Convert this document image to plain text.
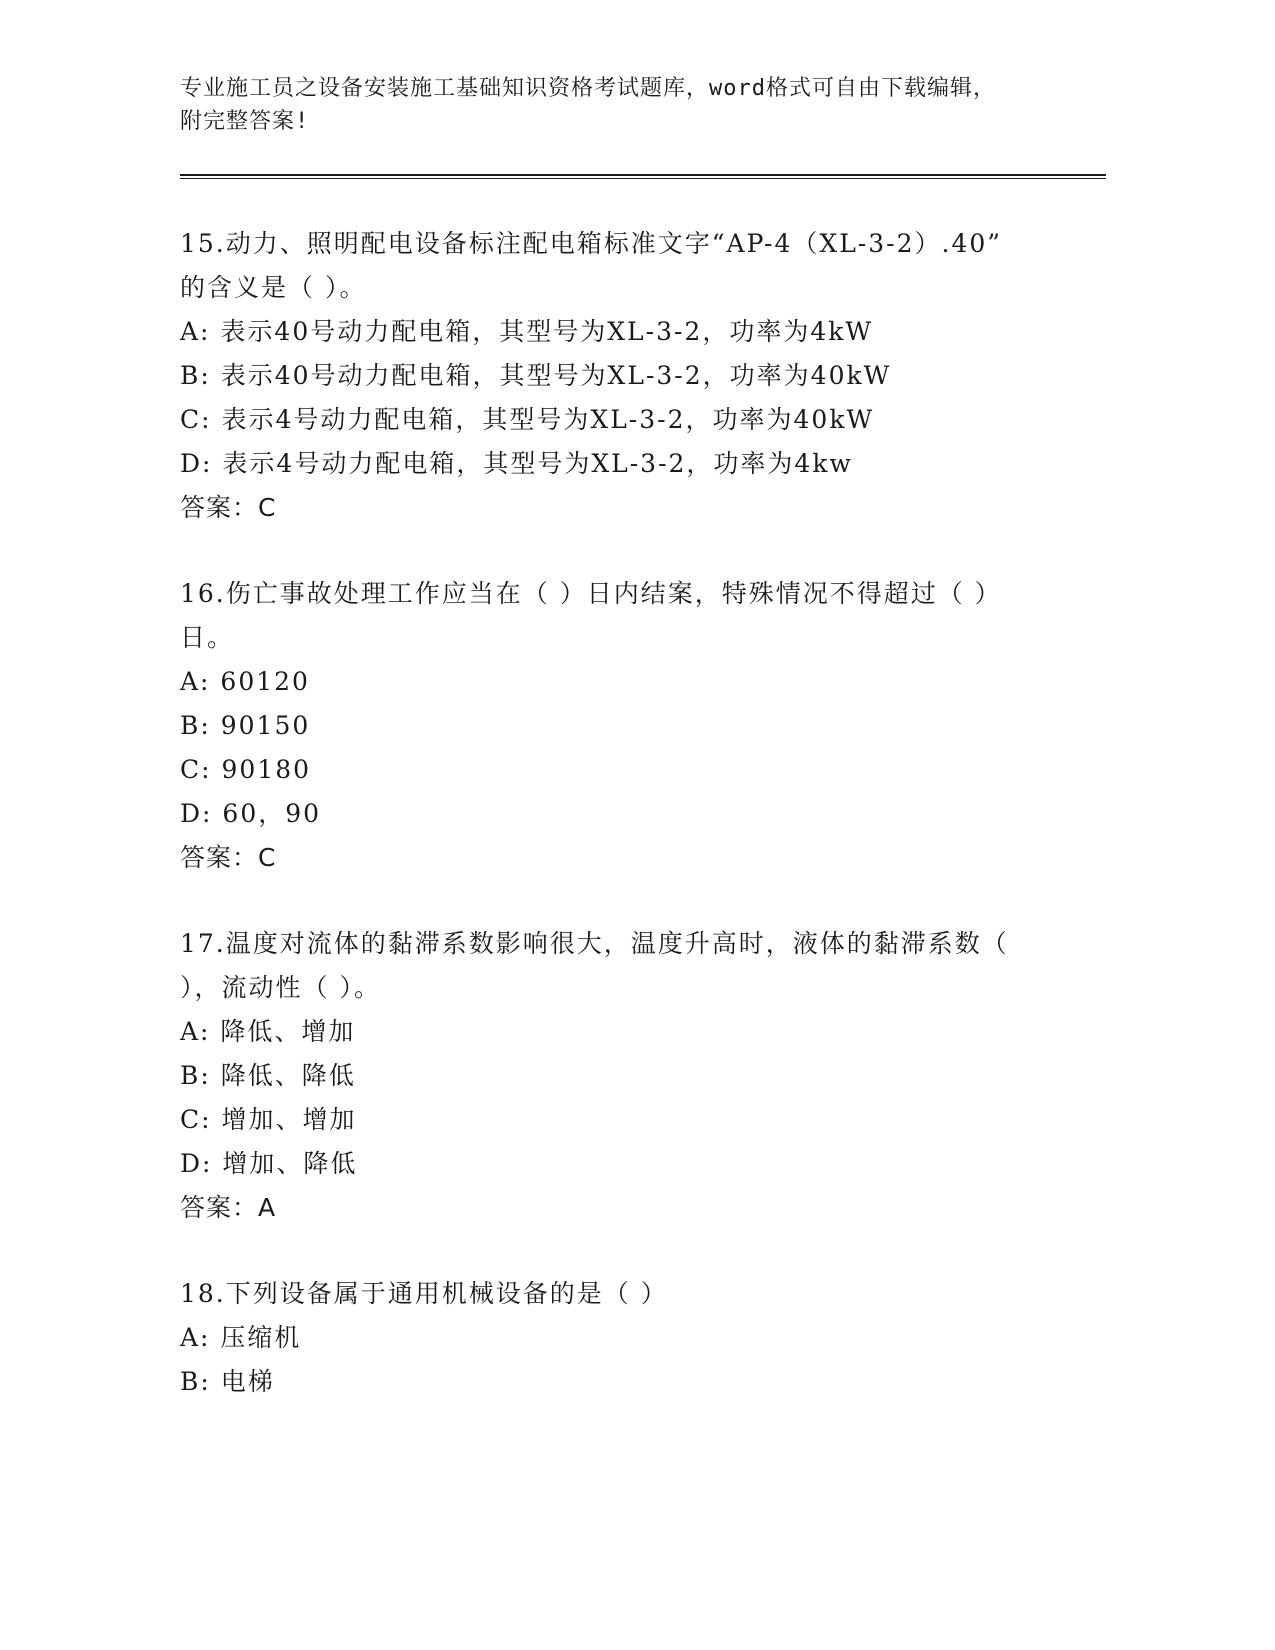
专业施工员之设备安装施工基础知识资格考试题库，word格式可自由下载编辑，
附完整答案!
15.动力、照明配电设备标注配电箱标准文字“AP-4（XL-3-2）.40”
的含义是（ ）。
A: 表示40号动力配电箱，其型号为XL-3-2，功率为4kW
B: 表示40号动力配电箱，其型号为XL-3-2，功率为40kW
C: 表示4号动力配电箱，其型号为XL-3-2，功率为40kW
D: 表示4号动力配电箱，其型号为XL-3-2，功率为4kw
答案：C
16.伤亡事故处理工作应当在（ ）日内结案，特殊情况不得超过（ ）
日。
A: 60120
B: 90150
C: 90180
D: 60，90
答案：C
17.温度对流体的黏滞系数影响很大，温度升高时，液体的黏滞系数（
），流动性（ ）。
A: 降低、增加
B: 降低、降低
C: 增加、增加
D: 增加、降低
答案：A
18.下列设备属于通用机械设备的是（ ）
A: 压缩机
B: 电梯
